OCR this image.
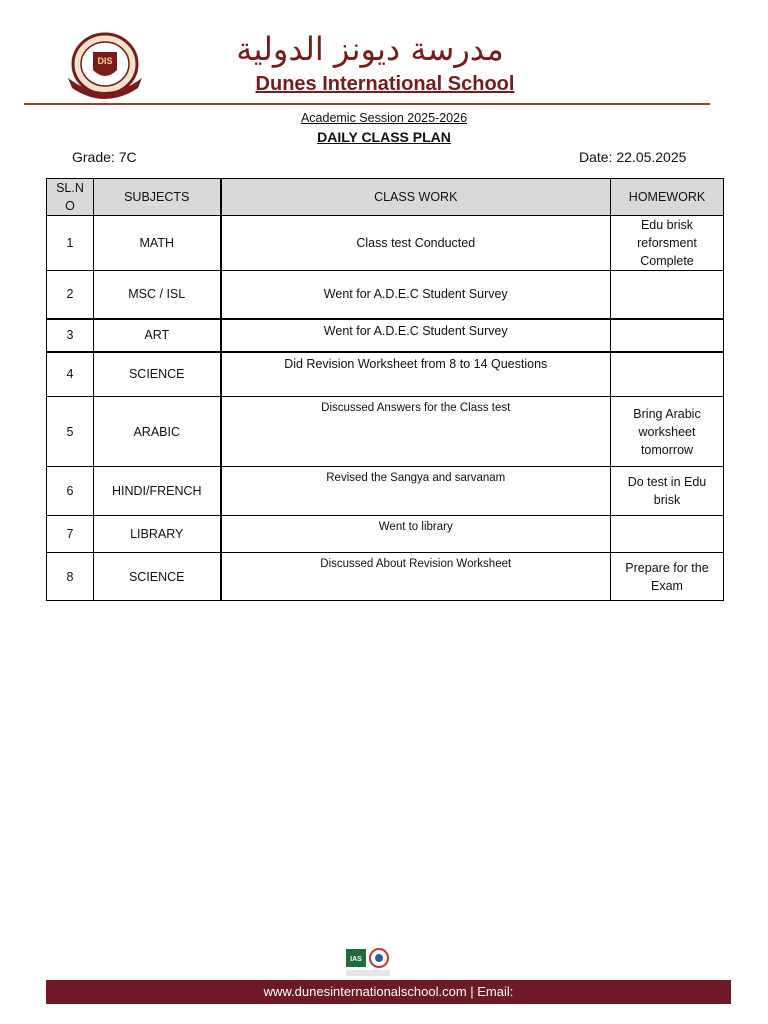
DIS	مدرسة ديونز الدولية
Dunes International School
Academic Session 2025-2026
DAILY CLASS PLAN
Grade: 7C	Date: 22.05.2025
SL.N O	SUBJECTS	CLASS WORK	HOMEWORK
1	MATH	Class test Conducted	Edu brisk reforsment Complete
2	MSC / ISL	Went for A.D.E.C Student Survey	
3	ART	Went for A.D.E.C Student Survey	
4	SCIENCE	Did Revision Worksheet from 8 to 14 Questions	
5	ARABIC	Discussed Answers for the Class test	Bring Arabic worksheet tomorrow
6	HINDI/FRENCH	Revised the Sangya and sarvanam	Do test in Edu brisk
7	LIBRARY	Went to library	
8	SCIENCE	Discussed About Revision Worksheet	Prepare for the Exam
IAS
www.dunesinternationalschool.com | Email:
